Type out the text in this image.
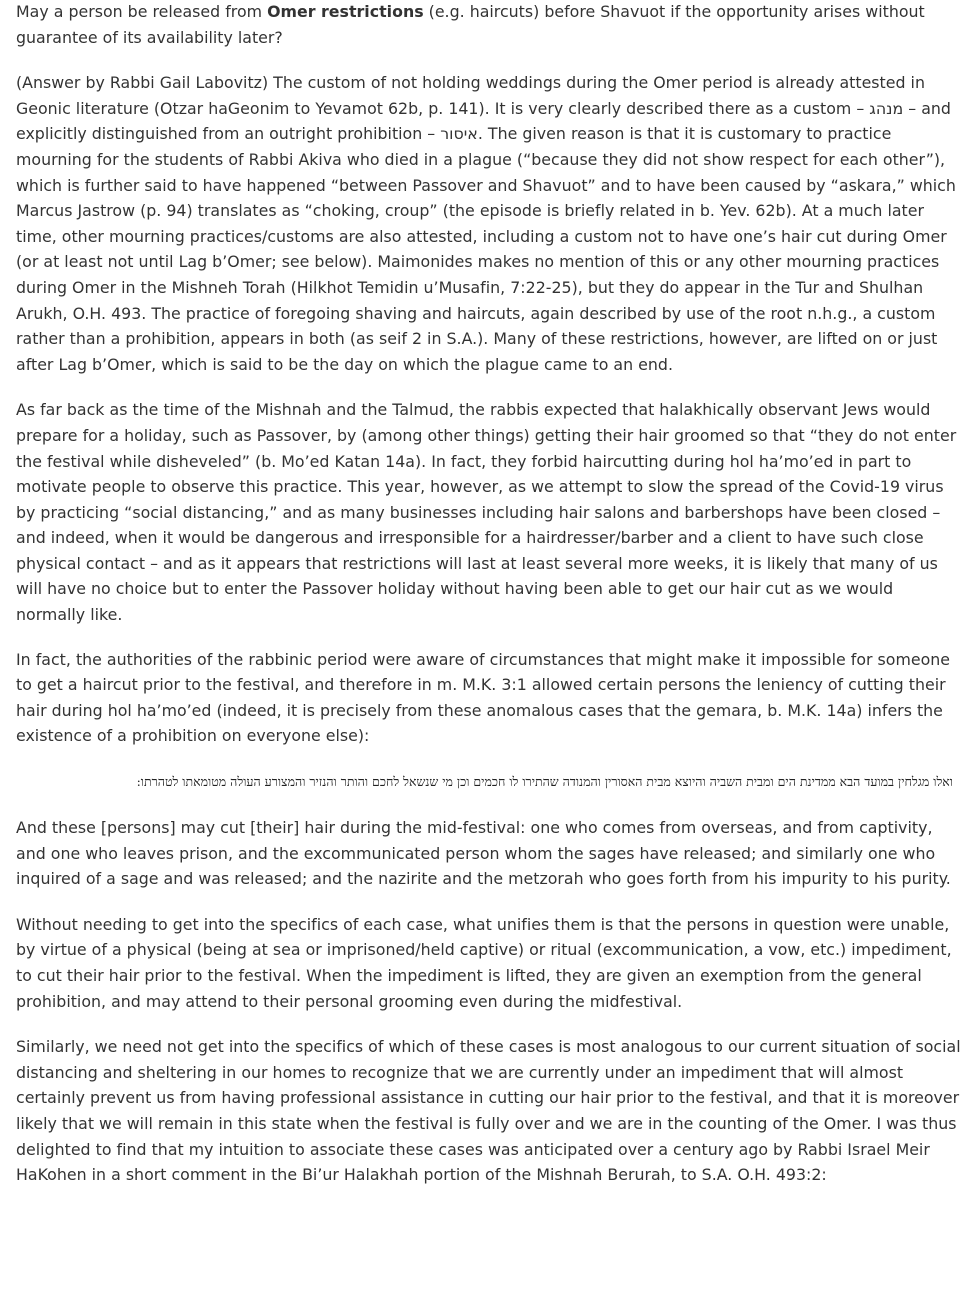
May a person be released from Omer restrictions (e.g. haircuts) before Shavuot if the opportunity arises without guarantee of its availability later?

(Answer by Rabbi Gail Labovitz) The custom of not holding weddings during the Omer period is already attested in Geonic literature (Otzar haGeonim to Yevamot 62b, p. 141). It is very clearly described there as a custom – מנהג – and explicitly distinguished from an outright prohibition – איסור. The given reason is that it is customary to practice mourning for the students of Rabbi Akiva who died in a plague (“because they did not show respect for each other”), which is further said to have happened “between Passover and Shavuot” and to have been caused by “askara,” which Marcus Jastrow (p. 94) translates as “choking, croup” (the episode is briefly related in b. Yev. 62b). At a much later time, other mourning practices/customs are also attested, including a custom not to have one’s hair cut during Omer (or at least not until Lag b’Omer; see below). Maimonides makes no mention of this or any other mourning practices during Omer in the Mishneh Torah (Hilkhot Temidin u’Musafin, 7:22-25), but they do appear in the Tur and Shulhan Arukh, O.H. 493. The practice of foregoing shaving and haircuts, again described by use of the root n.h.g., a custom rather than a prohibition, appears in both (as seif 2 in S.A.). Many of these restrictions, however, are lifted on or just after Lag b’Omer, which is said to be the day on which the plague came to an end.

As far back as the time of the Mishnah and the Talmud, the rabbis expected that halakhically observant Jews would prepare for a holiday, such as Passover, by (among other things) getting their hair groomed so that “they do not enter the festival while disheveled” (b. Mo’ed Katan 14a). In fact, they forbid haircutting during hol ha’mo’ed in part to motivate people to observe this practice. This year, however, as we attempt to slow the spread of the Covid-19 virus by practicing “social distancing,” and as many businesses including hair salons and barbershops have been closed – and indeed, when it would be dangerous and irresponsible for a hairdresser/barber and a client to have such close physical contact – and as it appears that restrictions will last at least several more weeks, it is likely that many of us will have no choice but to enter the Passover holiday without having been able to get our hair cut as we would normally like.

In fact, the authorities of the rabbinic period were aware of circumstances that might make it impossible for someone to get a haircut prior to the festival, and therefore in m. M.K. 3:1 allowed certain persons the leniency of cutting their hair during hol ha’mo’ed (indeed, it is precisely from these anomalous cases that the gemara, b. M.K. 14a) infers the existence of a prohibition on everyone else):

ואלו מגלחין במועד הבא ממדינת הים ומבית השביה והיוצא מבית האסורין והמנודה שהתירו לו חכמים וכן מי שנשאל לחכם והותר והנזיר והמצורע העולה מטומאתו לטהרתו:

And these [persons] may cut [their] hair during the mid-festival: one who comes from overseas, and from captivity, and one who leaves prison, and the excommunicated person whom the sages have released; and similarly one who inquired of a sage and was released; and the nazirite and the metzorah who goes forth from his impurity to his purity.

Without needing to get into the specifics of each case, what unifies them is that the persons in question were unable, by virtue of a physical (being at sea or imprisoned/held captive) or ritual (excommunication, a vow, etc.) impediment, to cut their hair prior to the festival. When the impediment is lifted, they are given an exemption from the general prohibition, and may attend to their personal grooming even during the midfestival.

Similarly, we need not get into the specifics of which of these cases is most analogous to our current situation of social distancing and sheltering in our homes to recognize that we are currently under an impediment that will almost certainly prevent us from having professional assistance in cutting our hair prior to the festival, and that it is moreover likely that we will remain in this state when the festival is fully over and we are in the counting of the Omer. I was thus delighted to find that my intuition to associate these cases was anticipated over a century ago by Rabbi Israel Meir HaKohen in a short comment in the Bi’ur Halakhah portion of the Mishnah Berurah, to S.A. O.H. 493:2:
